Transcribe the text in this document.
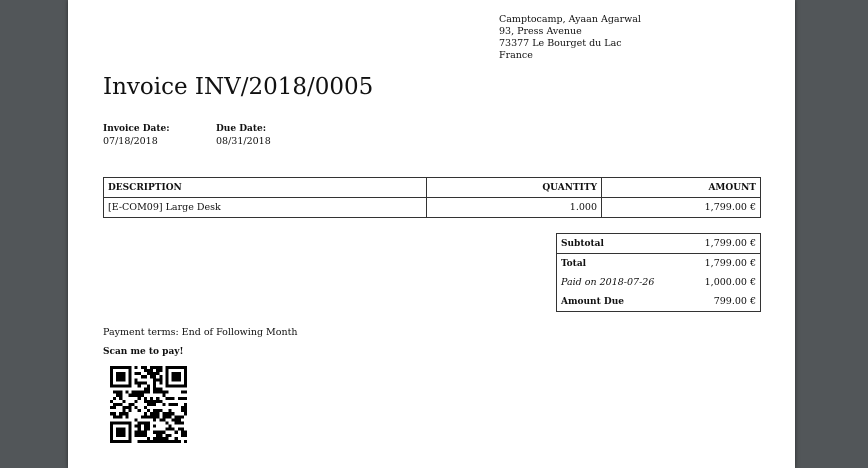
Camptocamp, Ayaan Agarwal
93, Press Avenue
73377 Le Bourget du Lac
France
Invoice INV/2018/0005
Invoice Date:
07/18/2018
Due Date:
08/31/2018
DESCRIPTION	QUANTITY	AMOUNT
[E-COM09] Large Desk	1.000	1,799.00 €
Subtotal	1,799.00 €
Total	1,799.00 €
Paid on 2018-07-26	1,000.00 €
Amount Due	799.00 €
Payment terms: End of Following Month
Scan me to pay!
